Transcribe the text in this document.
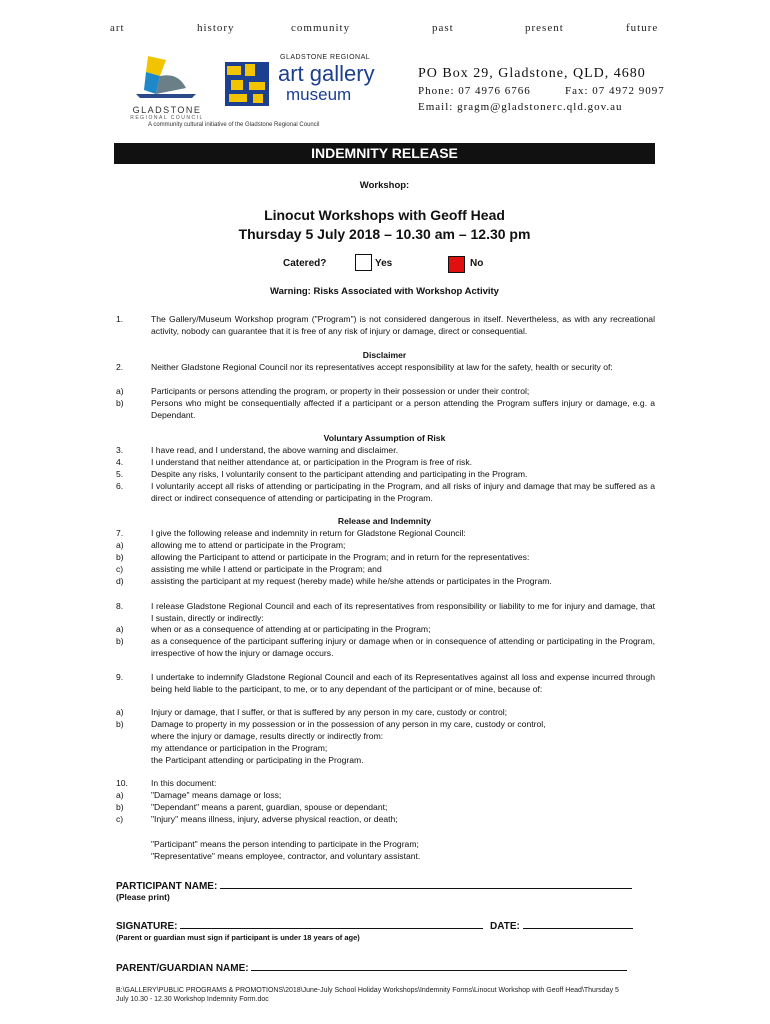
art	history	community	past	present	future
GLADSTONE
REGIONAL COUNCIL
GLADSTONE REGIONAL
art gallery
museum
A community cultural initiative of the Gladstone Regional Council
PO Box 29, Gladstone, QLD, 4680
Phone: 07 4976 6766	Fax: 07 4972 9097
Email: gragm@gladstonerc.qld.gov.au
INDEMNITY RELEASE
Workshop:
Linocut Workshops with Geoff Head
Thursday 5 July 2018 – 10.30 am – 12.30 pm
Catered?	Yes	No
Warning: Risks Associated with Workshop Activity
1.	The Gallery/Museum Workshop program ("Program") is not considered dangerous in itself. Nevertheless, as with any recreational activity, nobody can guarantee that it is free of any risk of injury or damage, direct or consequential.
Disclaimer
2.	Neither Gladstone Regional Council nor its representatives accept responsibility at law for the safety, health or security of:
a)	Participants or persons attending the program, or property in their possession or under their control;
b)	Persons who might be consequentially affected if a participant or a person attending the Program suffers injury or damage, e.g. a Dependant.
Voluntary Assumption of Risk
3.	I have read, and I understand, the above warning and disclaimer.
4.	I understand that neither attendance at, or participation in the Program is free of risk.
5.	Despite any risks, I voluntarily consent to the participant attending and participating in the Program.
6.	I voluntarily accept all risks of attending or participating in the Program, and all risks of injury and damage that may be suffered as a direct or indirect consequence of attending or participating in the Program.
Release and Indemnity
7.	I give the following release and indemnity in return for Gladstone Regional Council:
a)	allowing me to attend or participate in the Program;
b)	allowing the Participant to attend or participate in the Program; and in return for the representatives:
c)	assisting me while I attend or participate in the Program; and
d)	assisting the participant at my request (hereby made) while he/she attends or participates in the Program.
8.	I release Gladstone Regional Council and each of its representatives from responsibility or liability to me for injury and damage, that I sustain, directly or indirectly:
a)	when or as a consequence of attending at or participating in the Program;
b)	as a consequence of the participant suffering injury or damage when or in consequence of attending or participating in the Program, irrespective of how the injury or damage occurs.
9.	I undertake to indemnify Gladstone Regional Council and each of its Representatives against all loss and expense incurred through being held liable to the participant, to me, or to any dependant of the participant or of mine, because of:
a)	Injury or damage, that I suffer, or that is suffered by any person in my care, custody or control;
b)	Damage to property in my possession or in the possession of any person in my care, custody or control,
where the injury or damage, results directly or indirectly from:
my attendance or participation in the Program;
the Participant attending or participating in the Program.
10.	In this document:
a)	"Damage" means damage or loss;
b)	"Dependant" means a parent, guardian, spouse or dependant;
c)	"Injury" means illness, injury, adverse physical reaction, or death;
"Participant" means the person intending to participate in the Program;
"Representative" means employee, contractor, and voluntary assistant.
PARTICIPANT NAME:
(Please print)
SIGNATURE:	DATE:
(Parent or guardian must sign if participant is under 18 years of age)
PARENT/GUARDIAN NAME:
B:\GALLERY\PUBLIC PROGRAMS & PROMOTIONS\2018\June-July School Holiday Workshops\Indemnity Forms\Linocut Workshop with Geoff Head\Thursday 5 July 10.30 - 12.30 Workshop Indemnity Form.doc
